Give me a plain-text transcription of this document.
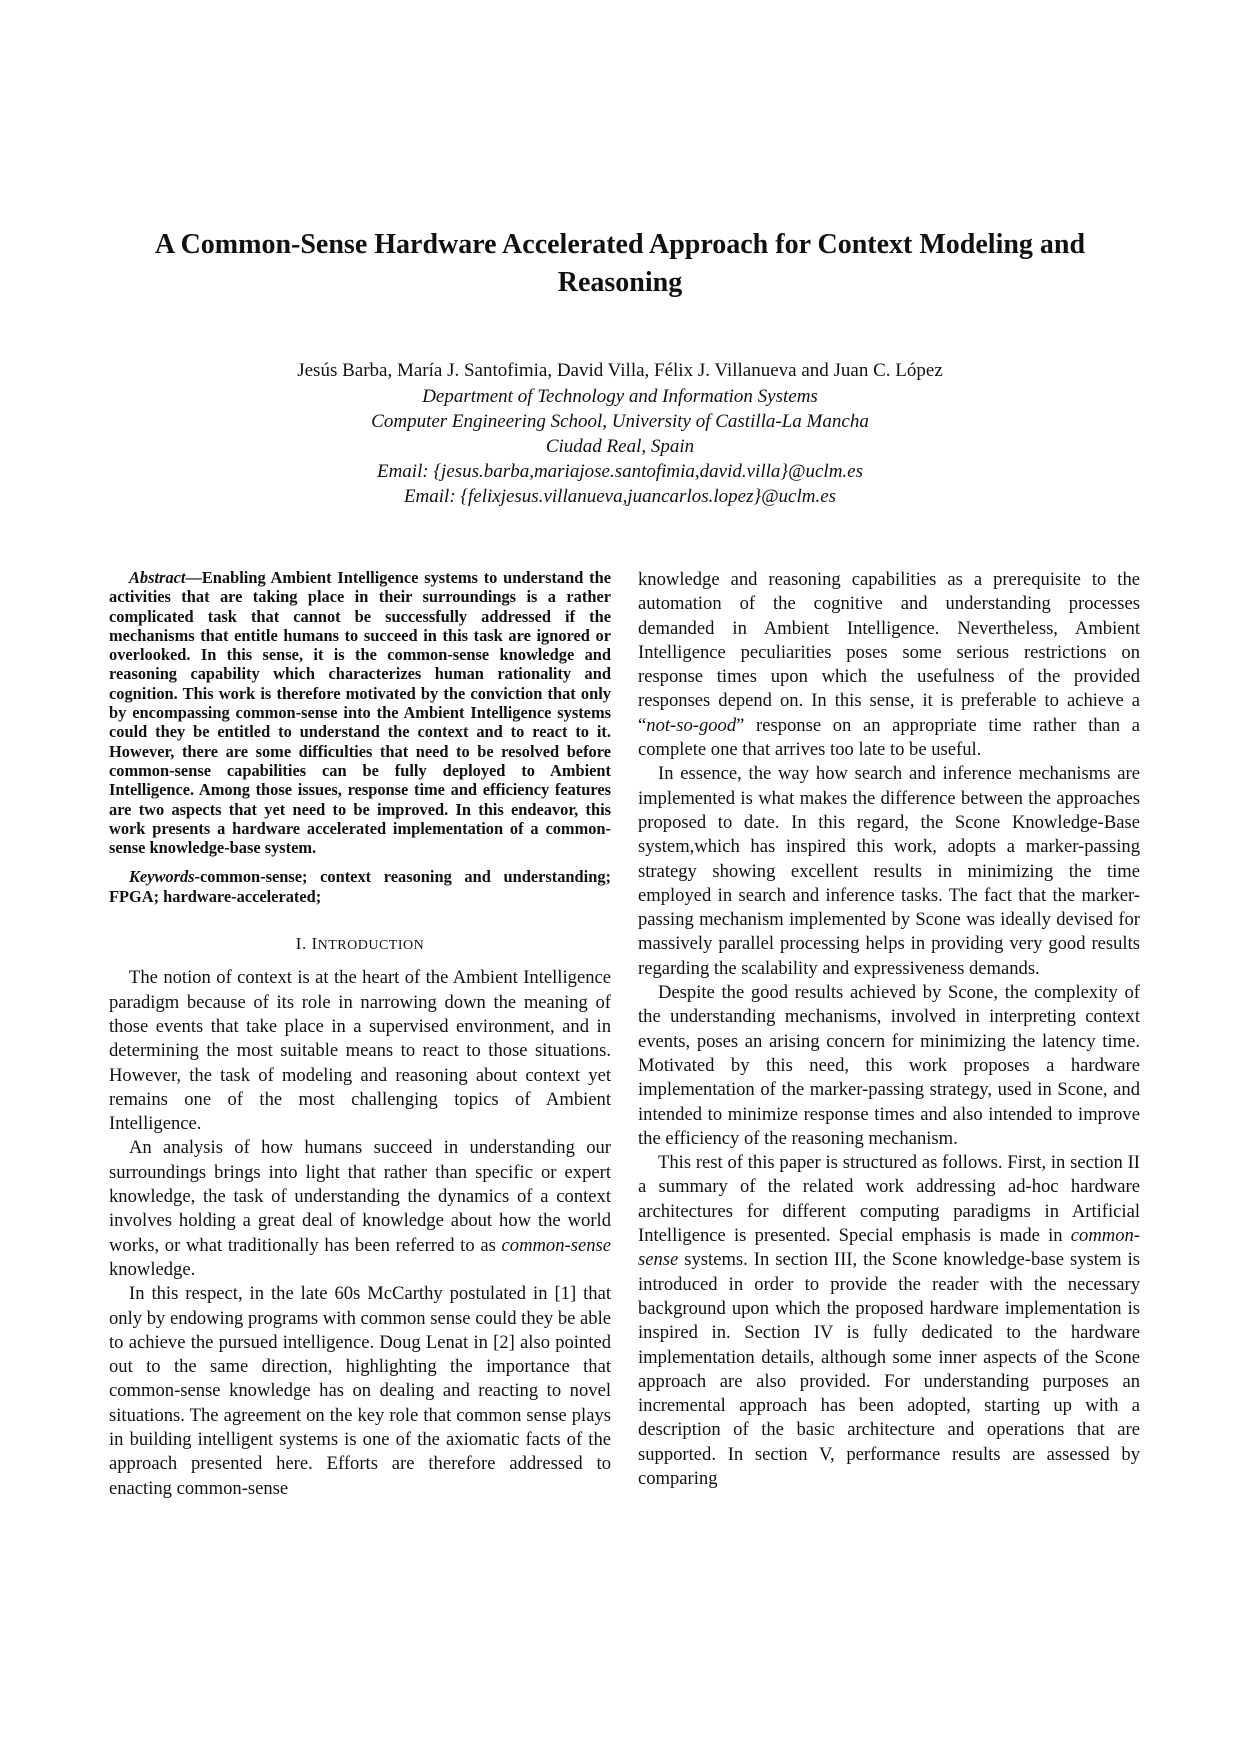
A Common-Sense Hardware Accelerated Approach for Context Modeling and
Reasoning
Jesús Barba, María J. Santofimia, David Villa, Félix J. Villanueva and Juan C. López
Department of Technology and Information Systems
Computer Engineering School, University of Castilla-La Mancha
Ciudad Real, Spain
Email: {jesus.barba,mariajose.santofimia,david.villa}@uclm.es
Email: {felixjesus.villanueva,juancarlos.lopez}@uclm.es

Abstract—Enabling Ambient Intelligence systems to understand the activities that are taking place in their surroundings is a rather complicated task that cannot be successfully addressed if the mechanisms that entitle humans to succeed in this task are ignored or overlooked. In this sense, it is the common-sense knowledge and reasoning capability which characterizes human rationality and cognition. This work is therefore motivated by the conviction that only by encompassing common-sense into the Ambient Intelligence systems could they be entitled to understand the context and to react to it. However, there are some difficulties that need to be resolved before common-sense capabilities can be fully deployed to Ambient Intelligence. Among those issues, response time and efficiency features are two aspects that yet need to be improved. In this endeavor, this work presents a hardware accelerated implementation of a common-sense knowledge-base system.

Keywords-common-sense; context reasoning and understanding; FPGA; hardware-accelerated;

I. INTRODUCTION

The notion of context is at the heart of the Ambient Intelligence paradigm because of its role in narrowing down the meaning of those events that take place in a supervised environment, and in determining the most suitable means to react to those situations. However, the task of modeling and reasoning about context yet remains one of the most challenging topics of Ambient Intelligence.

An analysis of how humans succeed in understanding our surroundings brings into light that rather than specific or expert knowledge, the task of understanding the dynamics of a context involves holding a great deal of knowledge about how the world works, or what traditionally has been referred to as common-sense knowledge.

In this respect, in the late 60s McCarthy postulated in [1] that only by endowing programs with common sense could they be able to achieve the pursued intelligence. Doug Lenat in [2] also pointed out to the same direction, highlighting the importance that common-sense knowledge has on dealing and reacting to novel situations. The agreement on the key role that common sense plays in building intelligent systems is one of the axiomatic facts of the approach presented here. Efforts are therefore addressed to enacting common-sense

knowledge and reasoning capabilities as a prerequisite to the automation of the cognitive and understanding processes demanded in Ambient Intelligence. Nevertheless, Ambient Intelligence peculiarities poses some serious restrictions on response times upon which the usefulness of the provided responses depend on. In this sense, it is preferable to achieve a “not-so-good” response on an appropriate time rather than a complete one that arrives too late to be useful.

In essence, the way how search and inference mechanisms are implemented is what makes the difference between the approaches proposed to date. In this regard, the Scone Knowledge-Base system,which has inspired this work, adopts a marker-passing strategy showing excellent results in minimizing the time employed in search and inference tasks. The fact that the marker-passing mechanism implemented by Scone was ideally devised for massively parallel processing helps in providing very good results regarding the scalability and expressiveness demands.

Despite the good results achieved by Scone, the complexity of the understanding mechanisms, involved in interpreting context events, poses an arising concern for minimizing the latency time. Motivated by this need, this work proposes a hardware implementation of the marker-passing strategy, used in Scone, and intended to minimize response times and also intended to improve the efficiency of the reasoning mechanism.

This rest of this paper is structured as follows. First, in section II a summary of the related work addressing ad-hoc hardware architectures for different computing paradigms in Artificial Intelligence is presented. Special emphasis is made in common-sense systems. In section III, the Scone knowledge-base system is introduced in order to provide the reader with the necessary background upon which the proposed hardware implementation is inspired in. Section IV is fully dedicated to the hardware implementation details, although some inner aspects of the Scone approach are also provided. For understanding purposes an incremental approach has been adopted, starting up with a description of the basic architecture and operations that are supported. In section V, performance results are assessed by comparing
